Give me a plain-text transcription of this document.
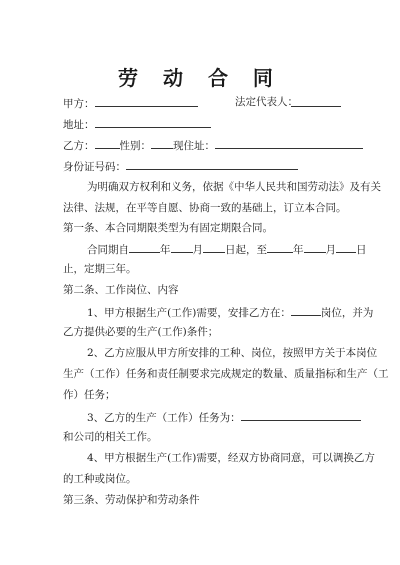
劳 动 合 同
甲方：	法定代表人：
地址：
乙方： 性别： 现住址：
身份证号码：
为明确双方权利和义务，依据《中华人民共和国劳动法》及有关
法律、法规，在平等自愿、协商一致的基础上，订立本合同。
第一条、本合同期限类型为有固定期限合同。
合同期自	年 月 日起，至 年 月 日
止，定期三年。
第二条、工作岗位、内容
1、甲方根据生产(工作)需要，安排乙方在：	岗位，并为
乙方提供必要的生产(工作)条件；
2、乙方应服从甲方所安排的工种、岗位，按照甲方关于本岗位
生产（工作）任务和责任制要求完成规定的数量、质量指标和生产（工
作）任务；
3、乙方的生产（工作）任务为：
和公司的相关工作。
4、甲方根据生产(工作)需要，经双方协商同意，可以调换乙方
的工种或岗位。
第三条、劳动保护和劳动条件
